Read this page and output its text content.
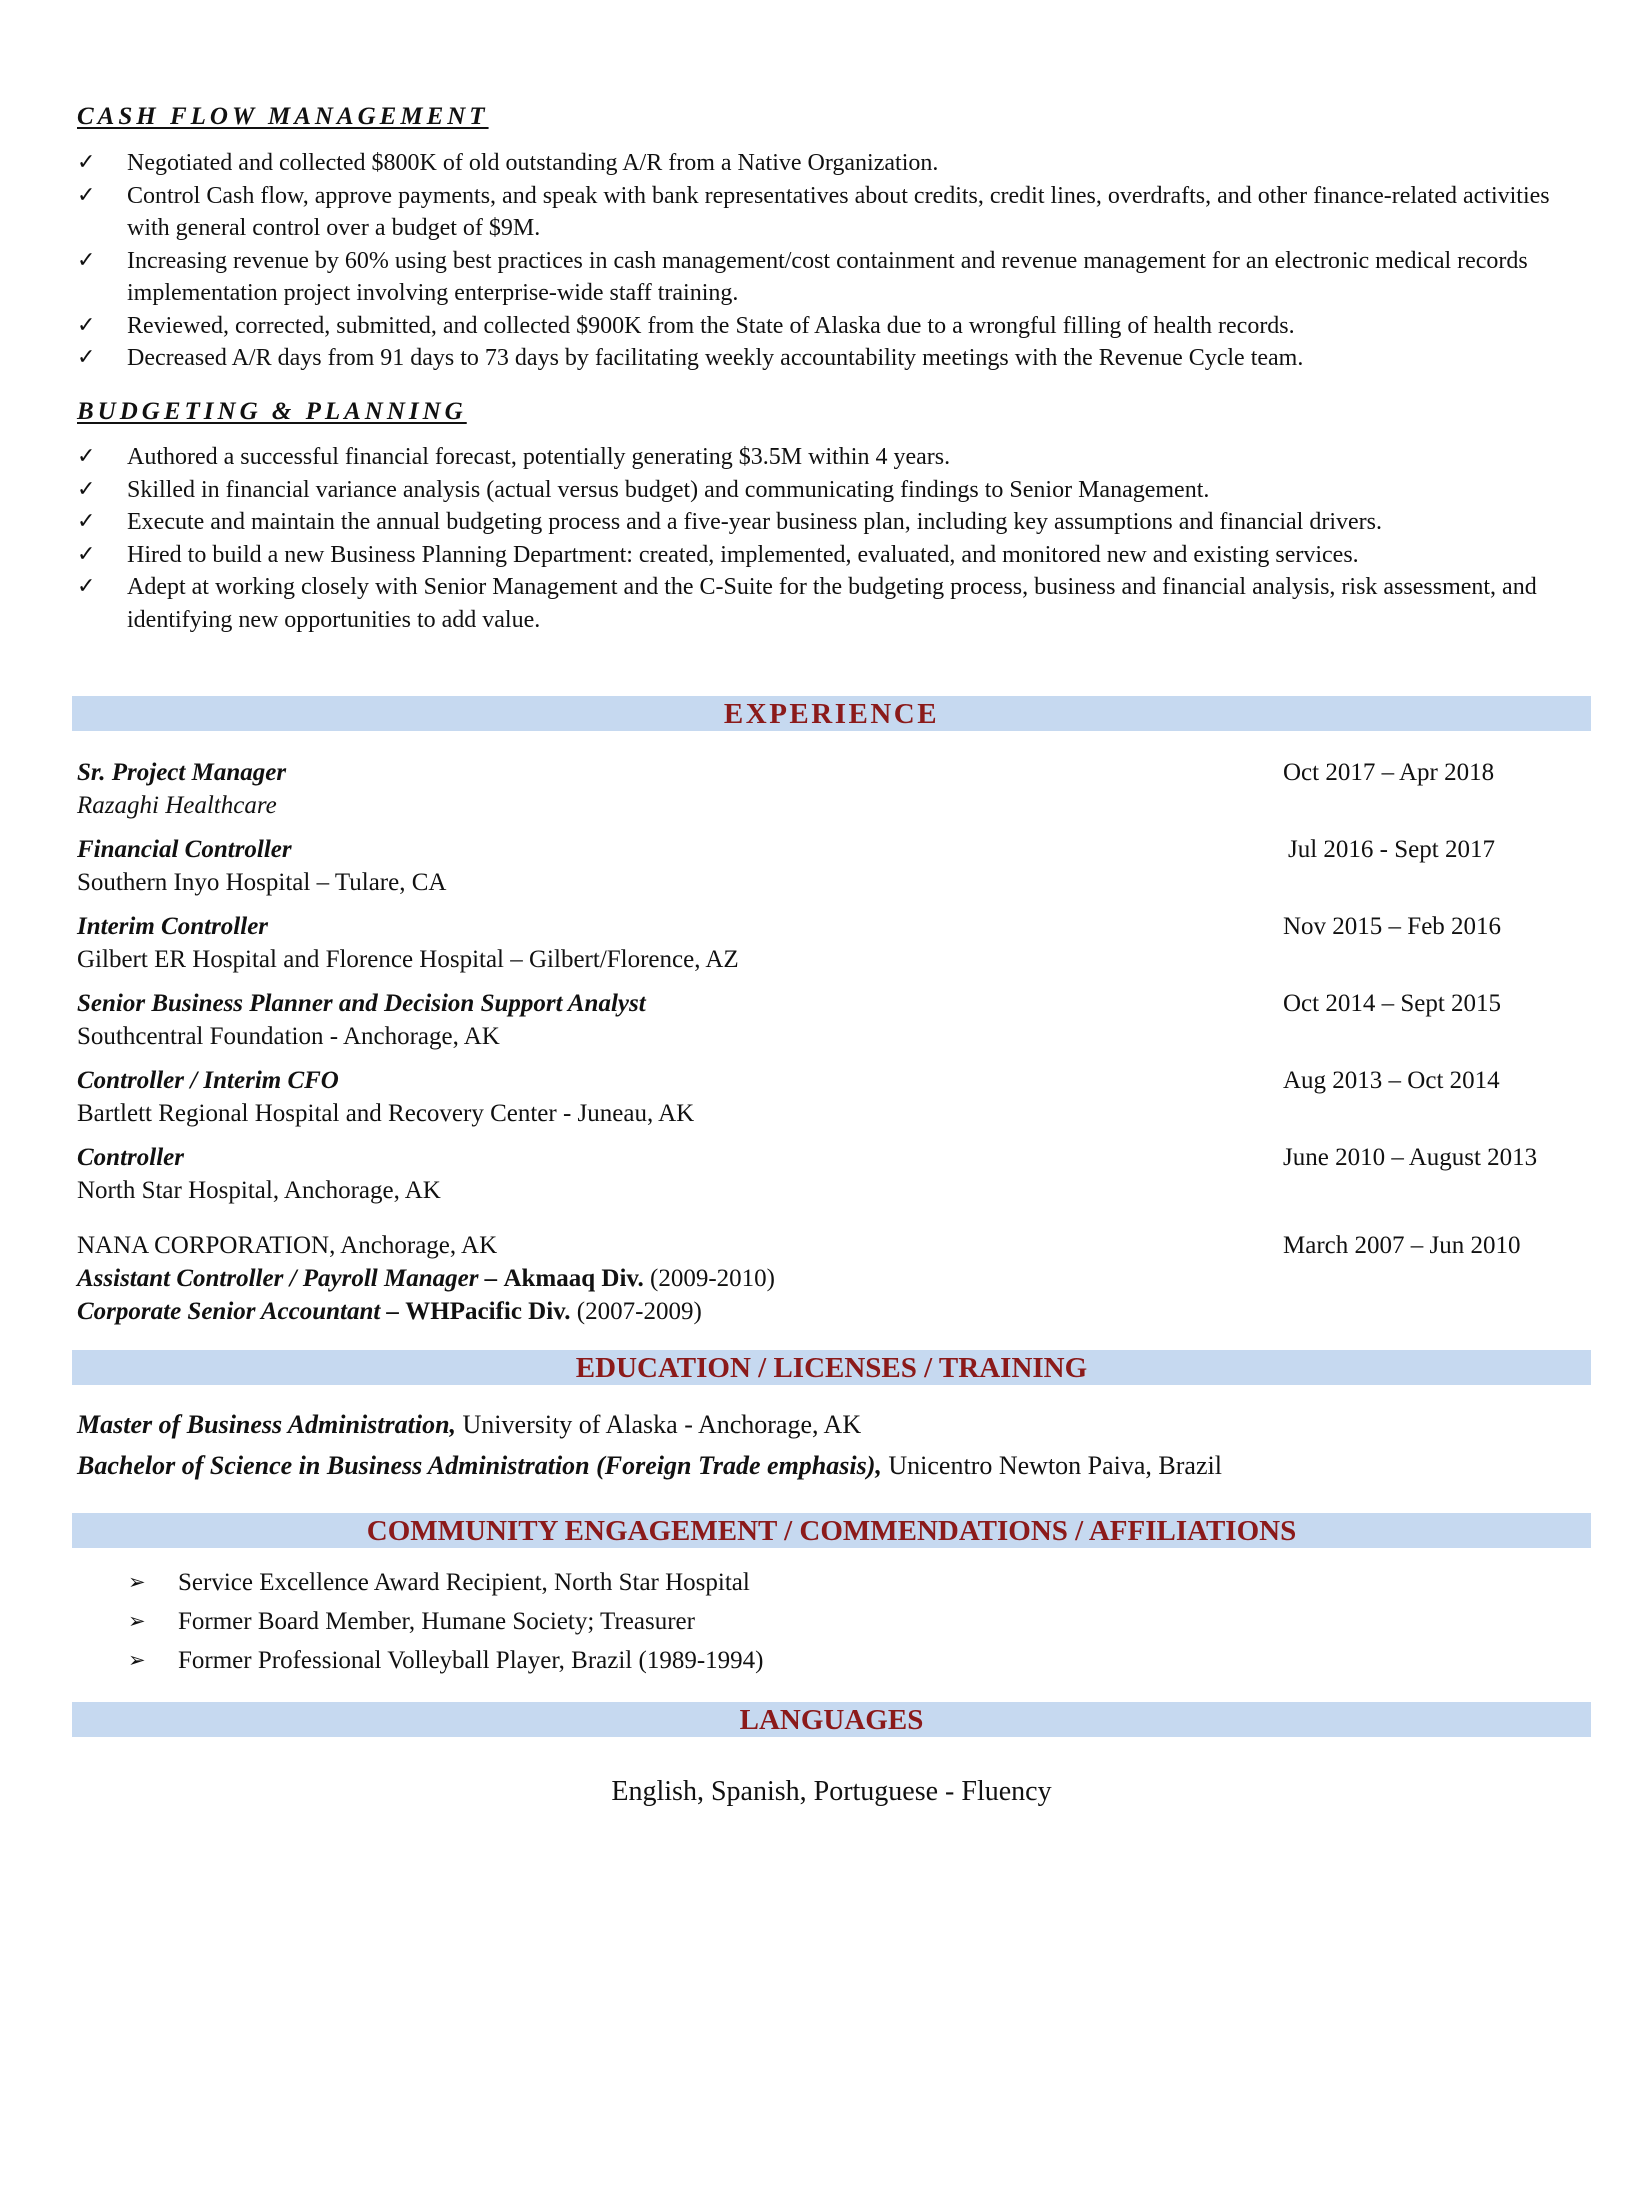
CASH FLOW MANAGEMENT
✓ Negotiated and collected $800K of old outstanding A/R from a Native Organization.
✓ Control Cash flow, approve payments, and speak with bank representatives about credits, credit lines, overdrafts, and other finance-related activities with general control over a budget of $9M.
✓ Increasing revenue by 60% using best practices in cash management/cost containment and revenue management for an electronic medical records implementation project involving enterprise-wide staff training.
✓ Reviewed, corrected, submitted, and collected $900K from the State of Alaska due to a wrongful filling of health records.
✓ Decreased A/R days from 91 days to 73 days by facilitating weekly accountability meetings with the Revenue Cycle team.
BUDGETING & PLANNING
✓ Authored a successful financial forecast, potentially generating $3.5M within 4 years.
✓ Skilled in financial variance analysis (actual versus budget) and communicating findings to Senior Management.
✓ Execute and maintain the annual budgeting process and a five-year business plan, including key assumptions and financial drivers.
✓ Hired to build a new Business Planning Department: created, implemented, evaluated, and monitored new and existing services.
✓ Adept at working closely with Senior Management and the C-Suite for the budgeting process, business and financial analysis, risk assessment, and identifying new opportunities to add value.
EXPERIENCE
Sr. Project Manager	Oct 2017 – Apr 2018
Razaghi Healthcare
Financial Controller	Jul 2016 - Sept 2017
Southern Inyo Hospital – Tulare, CA
Interim Controller	Nov 2015 – Feb 2016
Gilbert ER Hospital and Florence Hospital – Gilbert/Florence, AZ
Senior Business Planner and Decision Support Analyst	Oct 2014 – Sept 2015
Southcentral Foundation - Anchorage, AK
Controller / Interim CFO	Aug 2013 – Oct 2014
Bartlett Regional Hospital and Recovery Center - Juneau, AK
Controller	June 2010 – August 2013
North Star Hospital, Anchorage, AK
NANA CORPORATION, Anchorage, AK	March 2007 – Jun 2010
Assistant Controller / Payroll Manager – Akmaaq Div. (2009-2010)
Corporate Senior Accountant – WHPacific Div. (2007-2009)
EDUCATION / LICENSES / TRAINING
Master of Business Administration, University of Alaska - Anchorage, AK
Bachelor of Science in Business Administration (Foreign Trade emphasis), Unicentro Newton Paiva, Brazil
COMMUNITY ENGAGEMENT / COMMENDATIONS / AFFILIATIONS
➢ Service Excellence Award Recipient, North Star Hospital
➢ Former Board Member, Humane Society; Treasurer
➢ Former Professional Volleyball Player, Brazil (1989-1994)
LANGUAGES
English, Spanish, Portuguese - Fluency
